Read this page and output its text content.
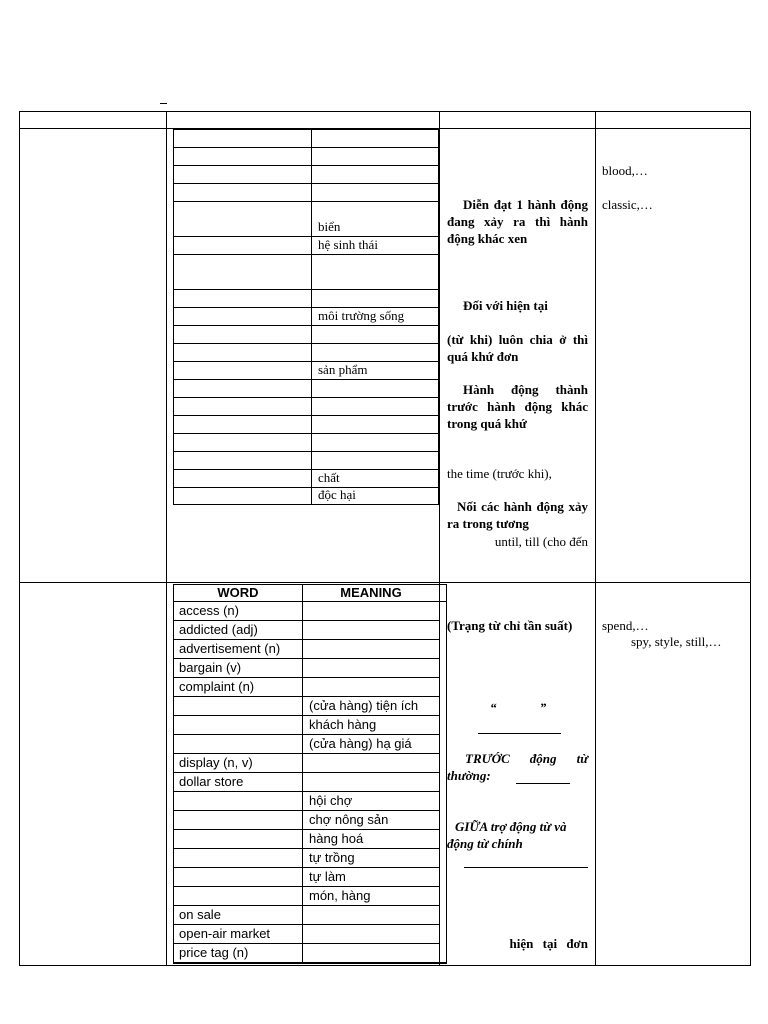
biển
hệ sinh thái
môi trường sống
sản phẩm
chất
độc hại
Diễn đạt 1 hành động đang xảy ra thì hành động khác xen
Đối với hiện tại
(từ khi) luôn chia ở thì quá khứ đơn
Hành động thành trước hành động khác trong quá khứ
the time (trước khi),
Nối các hành động xảy ra trong tương
until, till (cho đến
blood,…
classic,…
WORD	MEANING
access (n)
addicted (adj)
advertisement (n)
bargain (v)
complaint (n)
(cửa hàng) tiện ích
khách hàng
(cửa hàng) hạ giá
display (n, v)
dollar store
hội chợ
chợ nông sản
hàng hoá
tự trồng
tự làm
món, hàng
on sale
open-air market
price tag (n)
(Trạng từ chỉ tần suất)
“ ”
TRƯỚC động từ thường:
GIỮA trợ động từ và động từ chính
hiện tại đơn
spend,…
spy, style, still,…
